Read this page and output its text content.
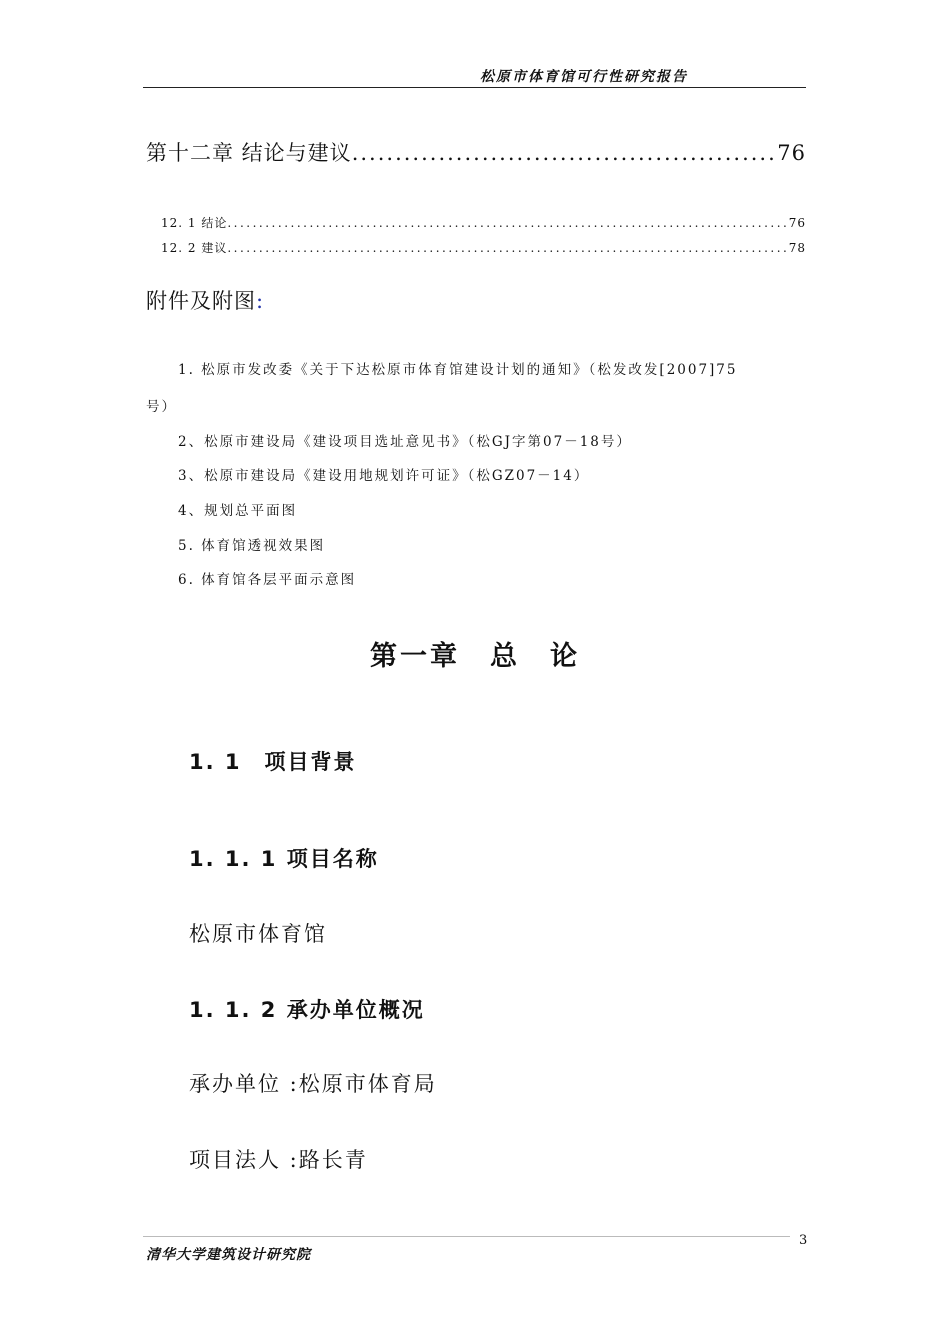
松原市体育馆可行性研究报告
第十二章 结论与建议 .....	76
12. 1 结论 .....	76
12. 2 建议 .....	78
附件及附图:
1. 松原市发改委《关于下达松原市体育馆建设计划的通知》（松发改发[2007]75
号）
2、松原市建设局《建设项目选址意见书》（松GJ字第07－18号）
3、松原市建设局《建设用地规划许可证》（松GZ07－14）
4、规划总平面图
5. 体育馆透视效果图
6. 体育馆各层平面示意图
第一章　总　论
1. 1　项目背景
1. 1. 1 项目名称
松原市体育馆
1. 1. 2 承办单位概况
承办单位 :松原市体育局
项目法人 :路长青
3
清华大学建筑设计研究院
